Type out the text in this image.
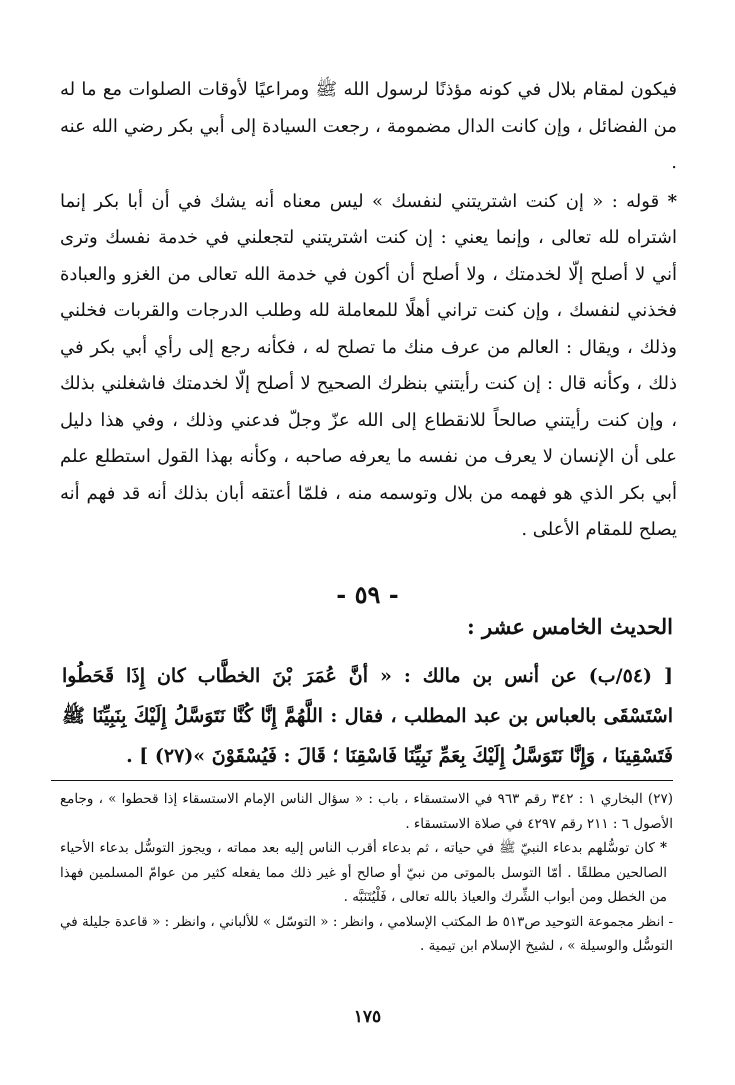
فيكون لمقام بلال في كونه مؤذنًا لرسول الله ﷺ ومراعيًا لأوقات الصلوات مع ما له من الفضائل ، وإن كانت الدال مضمومة ، رجعت السيادة إلى أبي بكر رضي الله عنه .

* قوله : « إن كنت اشتريتني لنفسك » ليس معناه أنه يشك في أن أبا بكر إنما اشتراه لله تعالى ، وإنما يعني : إن كنت اشتريتني لتجعلني في خدمة نفسك وترى أني لا أصلح إلّا لخدمتك ، ولا أصلح أن أكون في خدمة الله تعالى من الغزو والعبادة فخذني لنفسك ، وإن كنت تراني أهلًا للمعاملة لله وطلب الدرجات والقربات فخلني وذلك ، ويقال : العالم من عرف منك ما تصلح له ، فكأنه رجع إلى رأي أبي بكر في ذلك ، وكأنه قال : إن كنت رأيتني بنظرك الصحيح لا أصلح إلّا لخدمتك فاشغلني بذلك ، وإن كنت رأيتني صالحاً للانقطاع إلى الله عزّ وجلّ فدعني وذلك ، وفي هذا دليل على أن الإنسان لا يعرف من نفسه ما يعرفه صاحبه ، وكأنه بهذا القول استطلع علم أبي بكر الذي هو فهمه من بلال وتوسمه منه ، فلمّا أعتقه أبان بذلك أنه قد فهم أنه يصلح للمقام الأعلى .

- ٥٩ -
الحديث الخامس عشر :

[ (٥٤/ب) عن أنس بن مالك : « أنَّ عُمَرَ بْنَ الخطَّاب كان إِذَا قَحَطُوا اسْتَسْقَى بالعباس بن عبد المطلب ، فقال : اللَّهُمَّ إِنَّا كُنَّا نَتَوَسَّلُ إِلَيْكَ بِنَبِيِّنَا ﷺ فَتَسْقِينَا ، وَإِنَّا نَتَوَسَّلُ إِلَيْكَ بِعَمِّ نَبِيِّنَا فَاسْقِنَا ؛ قَالَ : فَيُسْقَوْنَ »(٢٧) ] .

(٢٧) البخاري ١ : ٣٤٢ رقم ٩٦٣ في الاستسقاء ، باب : « سؤال الناس الإمام الاستسقاء إذا قحطوا » ، وجامع الأصول ٦ : ٢١١ رقم ٤٢٩٧ في صلاة الاستسقاء .

* كان توسُّلهم بدعاء النبيّ ﷺ في حياته ، ثم بدعاء أقرب الناس إليه بعد مماته ، ويجوز التوسُّل بدعاء الأحياء الصالحين مطلقًا . أمّا التوسل بالموتى من نبيّ أو صالح أو غير ذلك مما يفعله كثير من عوامّ المسلمين فهذا من الخطل ومن أبواب الشِّرك والعياذ بالله تعالى ، فَلْيُتَنَبَّه .

- انظر مجموعة التوحيد ص٥١٣ ط المكتب الإسلامي ، وانظر : « التوسّل » للألباني ، وانظر : « قاعدة جليلة في التوسُّل والوسيلة » ، لشيخ الإسلام ابن تيمية .

١٧٥
